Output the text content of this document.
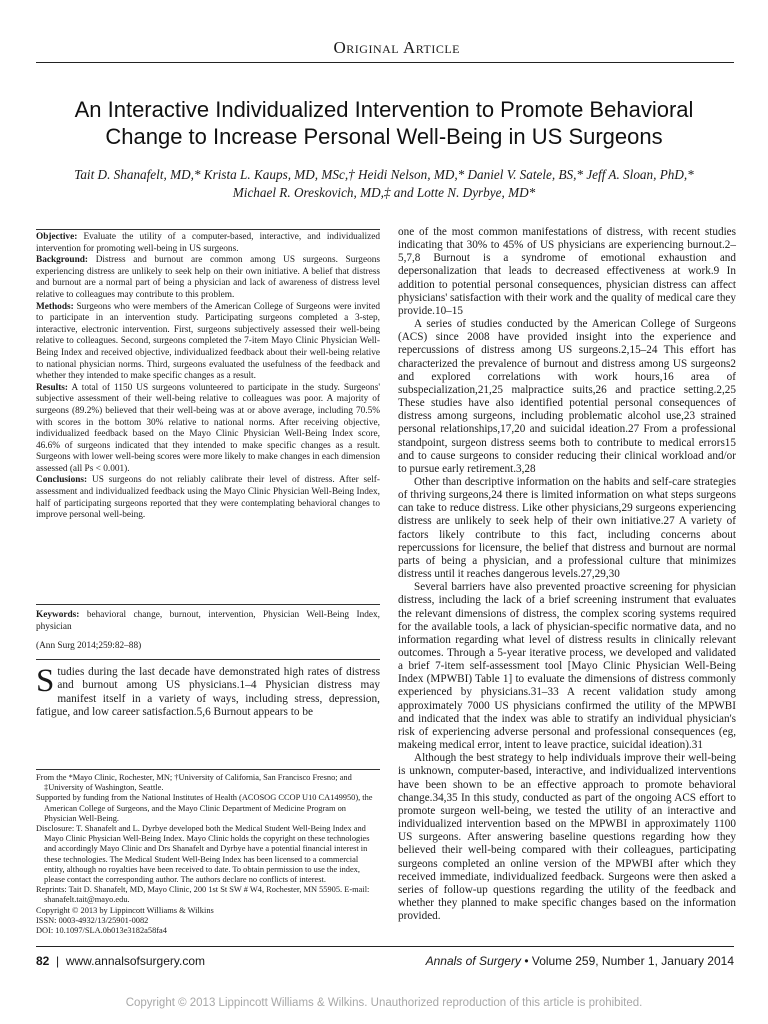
Original Article
An Interactive Individualized Intervention to Promote Behavioral
Change to Increase Personal Well-Being in US Surgeons
Tait D. Shanafelt, MD,* Krista L. Kaups, MD, MSc,† Heidi Nelson, MD,* Daniel V. Satele, BS,* Jeff A. Sloan, PhD,*
Michael R. Oreskovich, MD,‡ and Lotte N. Dyrbye, MD*

Objective: Evaluate the utility of a computer-based, interactive, and individualized intervention for promoting well-being in US surgeons.

Background: Distress and burnout are common among US surgeons. Surgeons experiencing distress are unlikely to seek help on their own initiative. A belief that distress and burnout are a normal part of being a physician and lack of awareness of distress level relative to colleagues may contribute to this problem.

Methods: Surgeons who were members of the American College of Surgeons were invited to participate in an intervention study. Participating surgeons completed a 3-step, interactive, electronic intervention. First, surgeons subjectively assessed their well-being relative to colleagues. Second, surgeons completed the 7-item Mayo Clinic Physician Well-Being Index and received objective, individualized feedback about their well-being relative to national physician norms. Third, surgeons evaluated the usefulness of the feedback and whether they intended to make specific changes as a result.

Results: A total of 1150 US surgeons volunteered to participate in the study. Surgeons' subjective assessment of their well-being relative to colleagues was poor. A majority of surgeons (89.2%) believed that their well-being was at or above average, including 70.5% with scores in the bottom 30% relative to national norms. After receiving objective, individualized feedback based on the Mayo Clinic Physician Well-Being Index score, 46.6% of surgeons indicated that they intended to make specific changes as a result. Surgeons with lower well-being scores were more likely to make changes in each dimension assessed (all Ps < 0.001).

Conclusions: US surgeons do not reliably calibrate their level of distress. After self-assessment and individualized feedback using the Mayo Clinic Physician Well-Being Index, half of participating surgeons reported that they were contemplating behavioral changes to improve personal well-being.

Keywords: behavioral change, burnout, intervention, Physician Well-Being Index, physician
(Ann Surg 2014;259:82–88)
Studies during the last decade have demonstrated high rates of distress and burnout among US physicians.1–4 Physician distress may manifest itself in a variety of ways, including stress, depression, fatigue, and low career satisfaction.5,6 Burnout appears to be

From the *Mayo Clinic, Rochester, MN; †University of California, San Francisco Fresno; and ‡University of Washington, Seattle.

Supported by funding from the National Institutes of Health (ACOSOG CCOP U10 CA149950), the American College of Surgeons, and the Mayo Clinic Department of Medicine Program on Physician Well-Being.

Disclosure: T. Shanafelt and L. Dyrbye developed both the Medical Student Well-Being Index and Mayo Clinic Physician Well-Being Index. Mayo Clinic holds the copyright on these technologies and accordingly Mayo Clinic and Drs Shanafelt and Dyrbye have a potential financial interest in these technologies. The Medical Student Well-Being Index has been licensed to a commercial entity, although no royalties have been received to date. To obtain permission to use the index, please contact the corresponding author. The authors declare no conflicts of interest.

Reprints: Tait D. Shanafelt, MD, Mayo Clinic, 200 1st St SW # W4, Rochester, MN 55905. E-mail: shanafelt.tait@mayo.edu.

Copyright © 2013 by Lippincott Williams & Wilkins

ISSN: 0003-4932/13/25901-0082

DOI: 10.1097/SLA.0b013e3182a58fa4

one of the most common manifestations of distress, with recent studies indicating that 30% to 45% of US physicians are experiencing burnout.2–5,7,8 Burnout is a syndrome of emotional exhaustion and depersonalization that leads to decreased effectiveness at work.9 In addition to potential personal consequences, physician distress can affect physicians' satisfaction with their work and the quality of medical care they provide.10–15

A series of studies conducted by the American College of Surgeons (ACS) since 2008 have provided insight into the experience and repercussions of distress among US surgeons.2,15–24 This effort has characterized the prevalence of burnout and distress among US surgeons2 and explored correlations with work hours,16 area of subspecialization,21,25 malpractice suits,26 and practice setting.2,25 These studies have also identified potential personal consequences of distress among surgeons, including problematic alcohol use,23 strained personal relationships,17,20 and suicidal ideation.27 From a professional standpoint, surgeon distress seems both to contribute to medical errors15 and to cause surgeons to consider reducing their clinical workload and/or to pursue early retirement.3,28

Other than descriptive information on the habits and self-care strategies of thriving surgeons,24 there is limited information on what steps surgeons can take to reduce distress. Like other physicians,29 surgeons experiencing distress are unlikely to seek help of their own initiative.27 A variety of factors likely contribute to this fact, including concerns about repercussions for licensure, the belief that distress and burnout are normal parts of being a physician, and a professional culture that minimizes distress until it reaches dangerous levels.27,29,30

Several barriers have also prevented proactive screening for physician distress, including the lack of a brief screening instrument that evaluates the relevant dimensions of distress, the complex scoring systems required for the available tools, a lack of physician-specific normative data, and no information regarding what level of distress results in clinically relevant outcomes. Through a 5-year iterative process, we developed and validated a brief 7-item self-assessment tool [Mayo Clinic Physician Well-Being Index (MPWBI) Table 1] to evaluate the dimensions of distress commonly experienced by physicians.31–33 A recent validation study among approximately 7000 US physicians confirmed the utility of the MPWBI and indicated that the index was able to stratify an individual physician's risk of experiencing adverse personal and professional consequences (eg, makeing medical error, intent to leave practice, suicidal ideation).31

Although the best strategy to help individuals improve their well-being is unknown, computer-based, interactive, and individualized interventions have been shown to be an effective approach to promote behavioral change.34,35 In this study, conducted as part of the ongoing ACS effort to promote surgeon well-being, we tested the utility of an interactive and individualized intervention based on the MPWBI in approximately 1100 US surgeons. After answering baseline questions regarding how they believed their well-being compared with their colleagues, participating surgeons completed an online version of the MPWBI after which they received immediate, individualized feedback. Surgeons were then asked a series of follow-up questions regarding the utility of the feedback and whether they planned to make specific changes based on the information provided.

82 | www.annalsofsurgery.com	Annals of Surgery • Volume 259, Number 1, January 2014
Copyright © 2013 Lippincott Williams & Wilkins. Unauthorized reproduction of this article is prohibited.
